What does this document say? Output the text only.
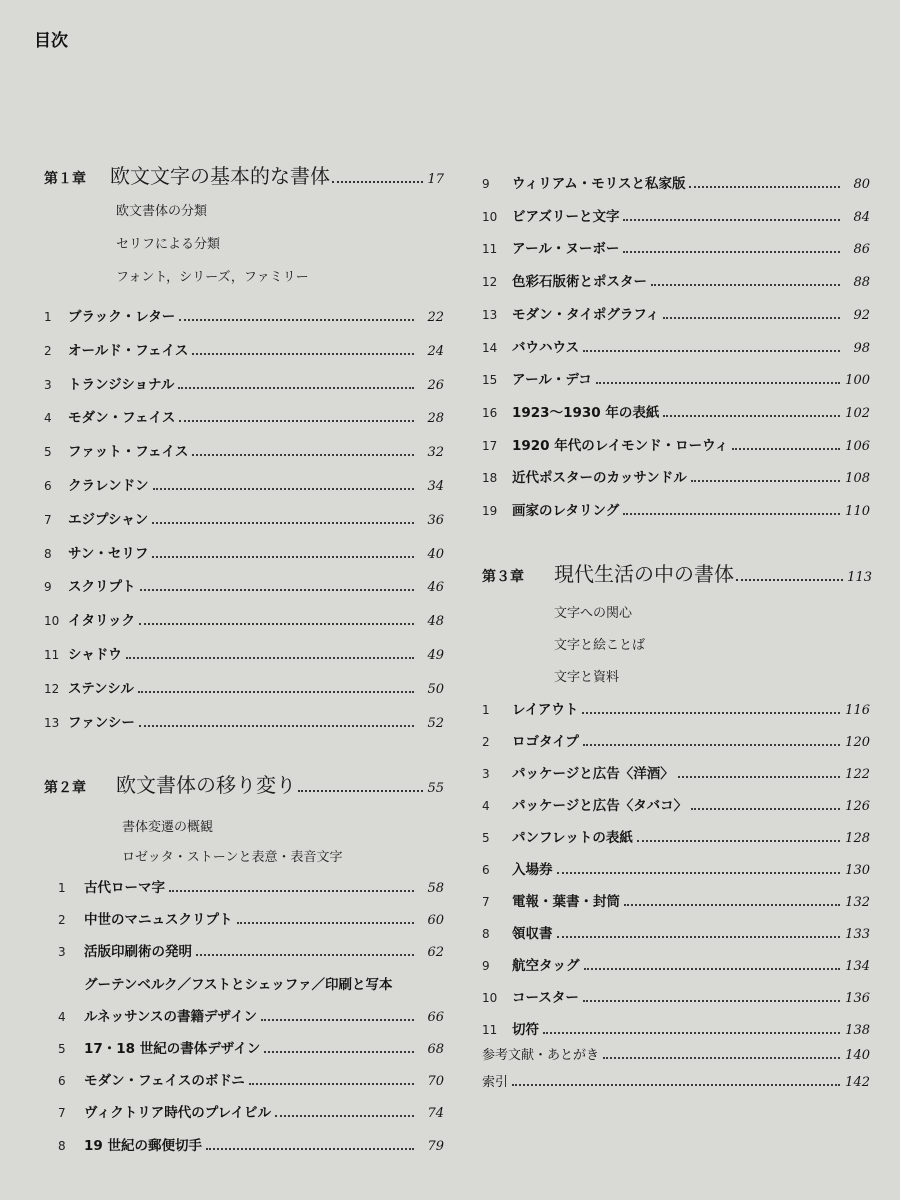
目次
第１章	欧文文字の基本的な書体	17
欧文書体の分類
セリフによる分類
フォント，シリーズ，ファミリー
1	ブラック・レター	22
2	オールド・フェイス	24
3	トランジショナル	26
4	モダン・フェイス	28
5	ファット・フェイス	32
6	クラレンドン	34
7	エジプシャン	36
8	サン・セリフ	40
9	スクリプト	46
10 イタリック	48
11 シャドウ	49
12 ステンシル	50
13 ファンシー	52
第２章	欧文書体の移り変り	55
書体変遷の概観
ロゼッタ・ストーンと表意・表音文字
1	古代ローマ字	58
2	中世のマニュスクリプト	60
3	活版印刷術の発明	62
グーテンベルク／フストとシェッファ／印刷と写本
4	ルネッサンスの書籍デザイン	66
5	17・18 世紀の書体デザイン	68
6	モダン・フェイスのボドニ	70
7	ヴィクトリア時代のプレイビル	74
8	19 世紀の郵便切手	79
9	ウィリアム・モリスと私家版	80
10	ビアズリーと文字	84
11	アール・ヌーボー	86
12	色彩石版術とポスター	88
13	モダン・タイポグラフィ	92
14	バウハウス	98
15	アール・デコ	100
16	1923〜1930 年の表紙	102
17	1920 年代のレイモンド・ローウィ	106
18	近代ポスターのカッサンドル	108
19	画家のレタリング	110
第３章	現代生活の中の書体	113
文字への関心
文字と絵ことば
文字と資料
1	レイアウト	116
2	ロゴタイプ	120
3	パッケージと広告〈洋酒〉	122
4	パッケージと広告〈タバコ〉	126
5	パンフレットの表紙	128
6	入場券	130
7	電報・葉書・封筒	132
8	領収書	133
9	航空タッグ	134
10	コースター	136
11	切符	138
参考文献・あとがき	140
索引	142
